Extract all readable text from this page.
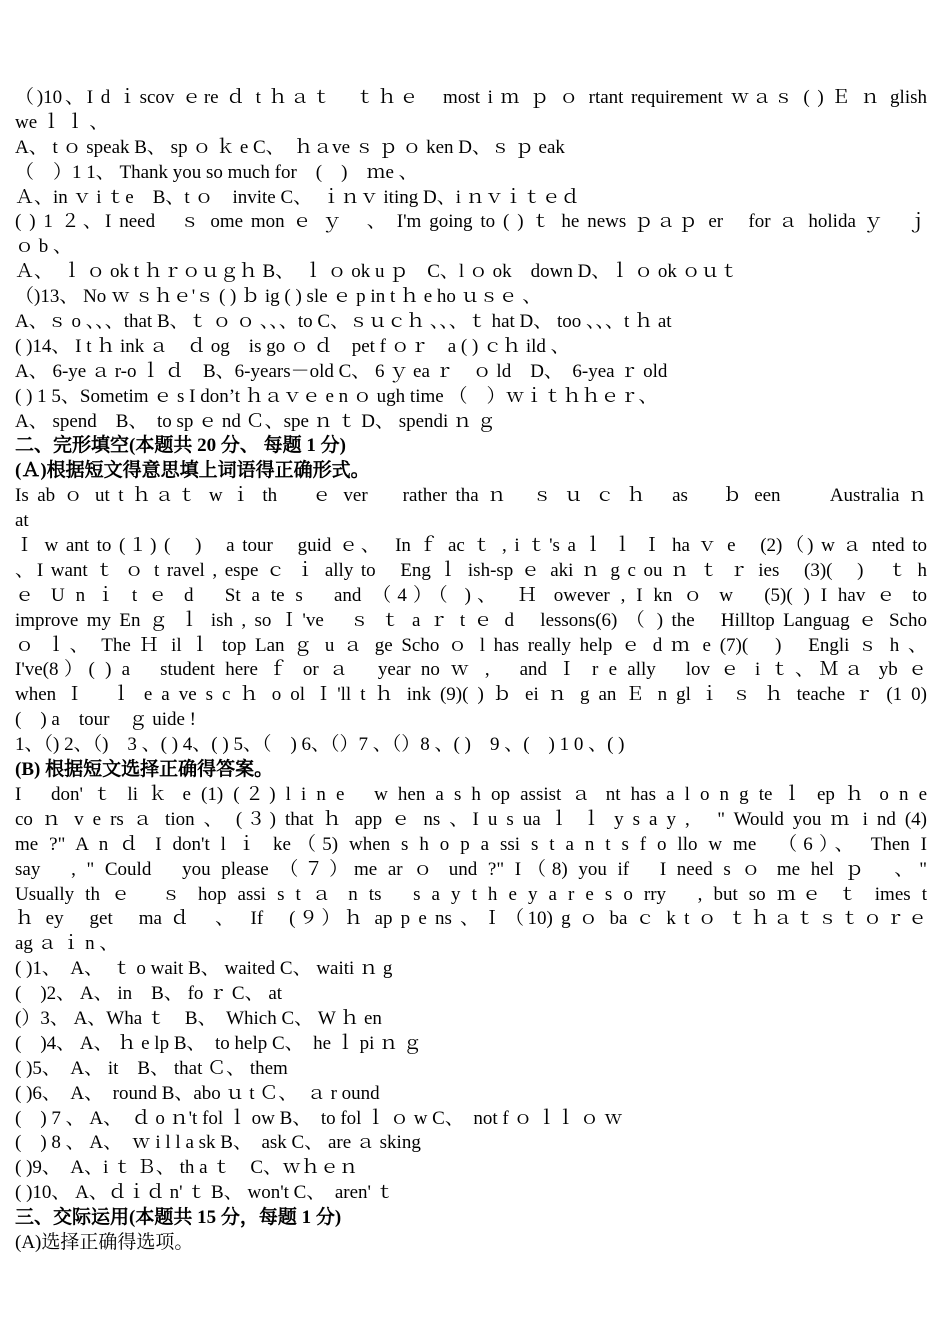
（)10、I d ｉscov ｅre ｄ t ｈａｔ　ｔｈｅ　most i ｍ ｐ ｏ rtant requirement ｗａｓ ( ) Ｅ ｎ glish
we ｌ ｌ 、
A、 t ｏ speak B、 sp ｏ ｋ e C、　ｈａve ｓ ｐ ｏ ken D、ｓ ｐ eak
（　）1 1、 Thank you so much for　(　)　ｍe 、
Ａ、in ｖ i ｔe　B、t ｏ　invite C、　ｉｎｖ iting D、i ｎｖｉｔｅｄ
( ) 1 ２、I need　ｓ ome mon ｅ ｙ　、 I'm going to ( ) ｔ he news ｐａｐ er　for ａ holida ｙ　ｊ
ｏ b 、
Ａ、　ｌ ｏ ok t ｈｒｏｕｇｈ B、　ｌ ｏ ok u ｐ　C、l ｏ ok　down D、ｌ ｏ ok ｏｕｔ
（)13、 No ｗ ｓｈｅ'ｓ ( ) ｂ ig ( ) sle ｅ p in t ｈ e ho ｕｓｅ 、
A、ｓ o 、、、that B、ｔ ｏ ｏ 、、、to C、ｓｕｃｈ 、、、ｔ hat D、 too 、、、t ｈ at
( )14、 I t ｈ ink ａ　ｄ og　is go ｏ ｄ　pet f ｏｒ　a ( ) ｃｈ ild 、
A、 6-ye ａ r-o ｌ ｄ　B、6-years－old C、 6 ｙ ea ｒ　ｏ ld　D、　6-yea ｒ old
( ) 1 5、Sometim ｅ s I don’t ｈａｖｅ e n ｏ ugh time （　）ｗｉｔｈｈｅｒ、
A、 spend　B、　to sp ｅ nd Ｃ、spe ｎ ｔ D、 spendi ｎ ｇ
二、完形填空(本题共 20 分、 每题 1 分)
(Ａ)根据短文得意思填上词语得正确形式。
Is ab ｏ ut t ｈａｔ w ｉ th　 ｅ ver　 rather tha ｎ　ｓ ｕ ｃ ｈ　as　 ｂ een　　Australia ｎ
at
Ｉ w ant to (１) (　)　a tour　guid ｅ、　In ｆ ac ｔ , i ｔ's a ｌ ｌ Ｉ ha ｖ e　(2)（) w ａ nted to
、I want ｔ ｏ t ravel , espe ｃ ｉ ally to　Eng ｌ ish-sp ｅ aki ｎ g c ou ｎ ｔ ｒ ies　(3)(　)　ｔ h
ｅ U n ｉ t ｅ d　St a te s　and （4）（ )、　Ｈ owever , I kn ｏ w　(5)( ) I hav ｅ to
improve my En ｇ ｌ ish , so Ｉ've　ｓ ｔ a ｒ t ｅ d　lessons(6) （ ) the　Hilltop Languag ｅ Scho
ｏ ｌ、 The Ｈ il ｌ top Lan ｇ u ａ ge Scho ｏ l has really help ｅ d ｍ e (7)(　)　Engli ｓ h 、
I've(8）( ) a　student here ｆ or ａ　year no ｗ ,　and Ｉ r e ally　lov ｅ i ｔ、Ｍａ yb ｅ
when Ｉ　ｌ e a ve s c ｈ o ol Ｉ'll t ｈ ink (9)( ) ｂ ei ｎ g an Ｅ n gl ｉ ｓ ｈ teache ｒ (1 0)
(　) a　tour　ｇ uide !
1、（) 2、（)　3 、( ) 4、( ) 5、（　) 6、（）7 、（）8 、( )　9 、(　) 1 0 、( )
(B) 根据短文选择正确得答案。
I　don' ｔ li ｋ e (1) (２) l i n e　w hen a s h op assist ａ nt has a l o n g te ｌ ep ｈ o n e
co ｎ v e rs ａ tion 、 (３) that ｈ app ｅ ns 、I u s ua ｌ ｌ y s a y ,　" Would you ｍ i nd (4)
me ?" A n ｄ I don't l ｉ ke（5) when s h o p a ssi s t a n t s f o llo w me　（6）、 Then I
say　, " Could　you please （７）me ar ｏ und ?" I（8) you if　I need s ｏ me hel ｐ　、"
Usually th ｅ　ｓ hop assi s t ａ n ts　s a y t h e y a r e s o rry　, but so ｍｅ ｔ imes t
ｈ ey　get　ma ｄ　、　If　(９）ｈ ap p e ns 、Ｉ（10) g ｏ ba ｃ k t ｏ ｔｈａｔｓｔｏｒｅ
ag ａ ｉ n 、
( )1、　A、　ｔ o wait B、 waited C、 waiti ｎ g
(　)2、 A、 in　B、 fo ｒ C、 at
(）3、 A、Wha ｔ　B、　Which C、 W ｈ en
(　)4、 A、 ｈ e lp B、　to help C、　he ｌ pi ｎ ｇ
( )5、　A、 it　B、 that Ｃ、 them
( )6、　A、　round B、abo ｕ t Ｃ、　ａ r ound
(　) 7 、 A、　ｄ o ｎ't fol ｌ ow B、　to fol ｌ ｏ w C、　not f ｏ ｌｌ ｏ ｗ
(　) 8 、 A、　ｗ i l l a sk B、　ask C、 are ａ sking
( )9、　A、i ｔ Ｂ、 th a ｔ　C、ｗｈｅｎ
( )10、 A、ｄｉｄ n' ｔ B、 won't C、　aren' ｔ
三、交际运用(本题共 15 分，每题 1 分)
(A)选择正确得选项。
